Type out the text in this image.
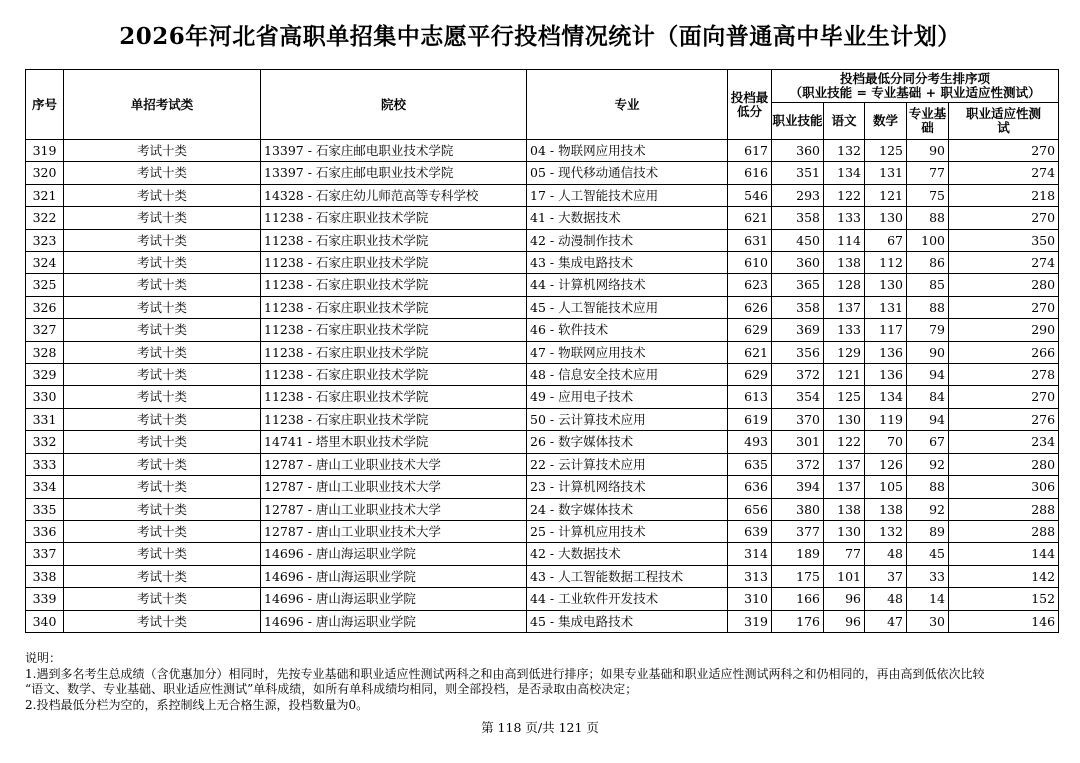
2026年河北省高职单招集中志愿平行投档情况统计（面向普通高中毕业生计划）
序号	单招考试类	院校	专业	投档最低分	投档最低分同分考生排序项
（职业技能 = 专业基础 + 职业适应性测试）				

					职业技能	语文	数学	专业基础	职业适应性测试
319	考试十类	13397 - 石家庄邮电职业技术学院	04 - 物联网应用技术	617	360	132	125	90	270
320	考试十类	13397 - 石家庄邮电职业技术学院	05 - 现代移动通信技术	616	351	134	131	77	274
321	考试十类	14328 - 石家庄幼儿师范高等专科学校	17 - 人工智能技术应用	546	293	122	121	75	218
322	考试十类	11238 - 石家庄职业技术学院	41 - 大数据技术	621	358	133	130	88	270
323	考试十类	11238 - 石家庄职业技术学院	42 - 动漫制作技术	631	450	114	67	100	350
324	考试十类	11238 - 石家庄职业技术学院	43 - 集成电路技术	610	360	138	112	86	274
325	考试十类	11238 - 石家庄职业技术学院	44 - 计算机网络技术	623	365	128	130	85	280
326	考试十类	11238 - 石家庄职业技术学院	45 - 人工智能技术应用	626	358	137	131	88	270
327	考试十类	11238 - 石家庄职业技术学院	46 - 软件技术	629	369	133	117	79	290
328	考试十类	11238 - 石家庄职业技术学院	47 - 物联网应用技术	621	356	129	136	90	266
329	考试十类	11238 - 石家庄职业技术学院	48 - 信息安全技术应用	629	372	121	136	94	278
330	考试十类	11238 - 石家庄职业技术学院	49 - 应用电子技术	613	354	125	134	84	270
331	考试十类	11238 - 石家庄职业技术学院	50 - 云计算技术应用	619	370	130	119	94	276
332	考试十类	14741 - 塔里木职业技术学院	26 - 数字媒体技术	493	301	122	70	67	234
333	考试十类	12787 - 唐山工业职业技术大学	22 - 云计算技术应用	635	372	137	126	92	280
334	考试十类	12787 - 唐山工业职业技术大学	23 - 计算机网络技术	636	394	137	105	88	306
335	考试十类	12787 - 唐山工业职业技术大学	24 - 数字媒体技术	656	380	138	138	92	288
336	考试十类	12787 - 唐山工业职业技术大学	25 - 计算机应用技术	639	377	130	132	89	288
337	考试十类	14696 - 唐山海运职业学院	42 - 大数据技术	314	189	77	48	45	144
338	考试十类	14696 - 唐山海运职业学院	43 - 人工智能数据工程技术	313	175	101	37	33	142
339	考试十类	14696 - 唐山海运职业学院	44 - 工业软件开发技术	310	166	96	48	14	152
340	考试十类	14696 - 唐山海运职业学院	45 - 集成电路技术	319	176	96	47	30	146
说明：
1.遇到多名考生总成绩（含优惠加分）相同时，先按专业基础和职业适应性测试两科之和由高到低进行排序；如果专业基础和职业适应性测试两科之和仍相同的，再由高到低依次比较
“语文、数学、专业基础、职业适应性测试”单科成绩，如所有单科成绩均相同，则全部投档，是否录取由高校决定；
2.投档最低分栏为空的，系控制线上无合格生源，投档数量为0。
第 118 页/共 121 页
